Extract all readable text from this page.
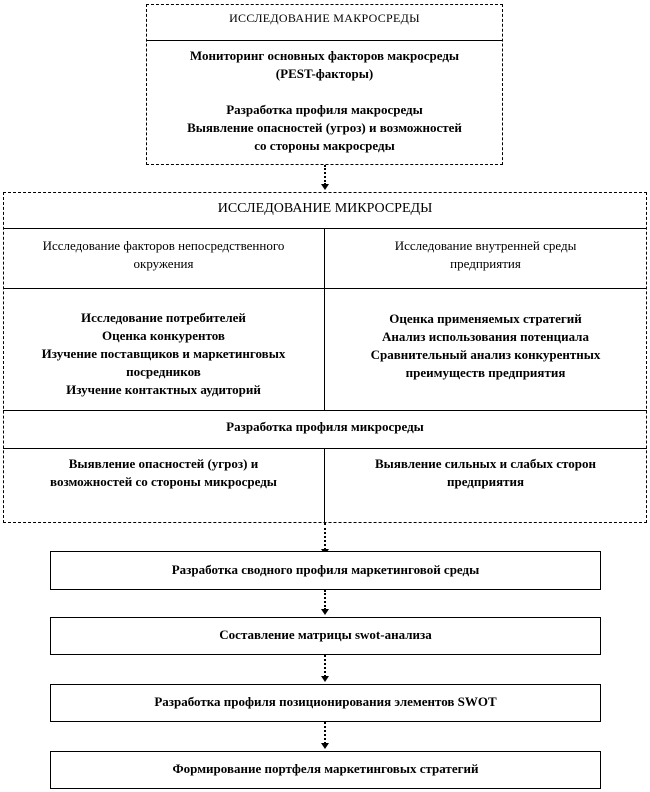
ИССЛЕДОВАНИЕ МАКРОСРЕДЫ
Мониторинг основных факторов макросреды
(PEST-факторы)
Разработка профиля макросреды
Выявление опасностей (угроз) и возможностей
со стороны макросреды
ИССЛЕДОВАНИЕ МИКРОСРЕДЫ
Исследование факторов непосредственного
окружения
Исследование внутренней среды
предприятия
Исследование потребителей
Оценка конкурентов
Изучение поставщиков и маркетинговых
посредников
Изучение контактных аудиторий
Оценка применяемых стратегий
Анализ использования потенциала
Сравнительный анализ конкурентных
преимуществ предприятия
Разработка профиля микросреды
Выявление опасностей (угроз) и
возможностей со стороны микросреды
Выявление сильных и слабых сторон
предприятия
Разработка сводного профиля маркетинговой среды
Составление матрицы swot-анализа
Разработка профиля позиционирования элементов SWOT
Формирование портфеля маркетинговых стратегий
